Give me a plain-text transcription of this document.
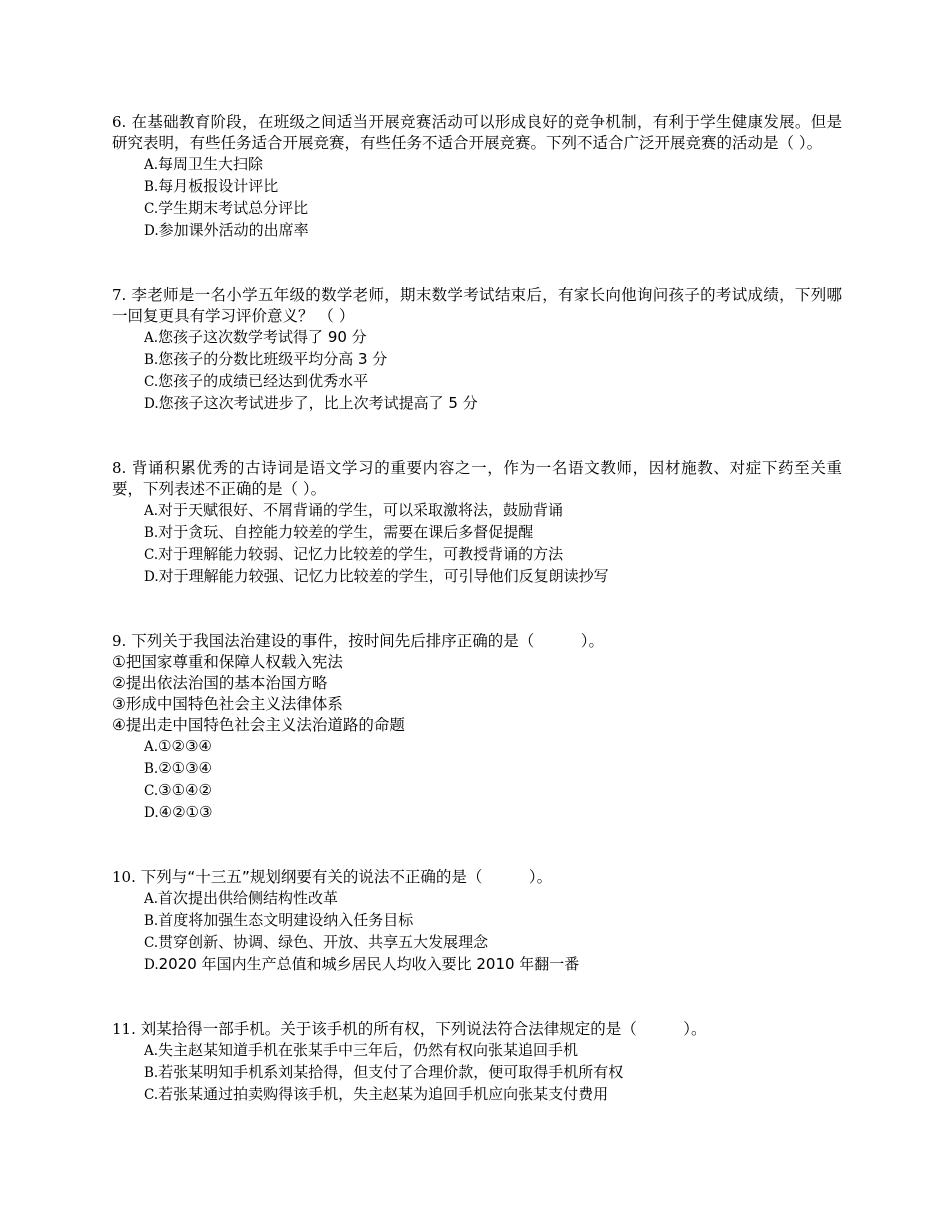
6. 在基础教育阶段，在班级之间适当开展竞赛活动可以形成良好的竞争机制，有利于学生健康发展。但是研究表明，有些任务适合开展竞赛，有些任务不适合开展竞赛。下列不适合广泛开展竞赛的活动是（ ）。

A.每周卫生大扫除
B.每月板报设计评比
C.学生期末考试总分评比
D.参加课外活动的出席率

7. 李老师是一名小学五年级的数学老师，期末数学考试结束后，有家长向他询问孩子的考试成绩，下列哪一回复更具有学习评价意义？ （ ）

A.您孩子这次数学考试得了 90 分
B.您孩子的分数比班级平均分高 3 分
C.您孩子的成绩已经达到优秀水平
D.您孩子这次考试进步了，比上次考试提高了 5 分

8. 背诵积累优秀的古诗词是语文学习的重要内容之一，作为一名语文教师，因材施教、对症下药至关重要，下列表述不正确的是（ ）。

A.对于天赋很好、不屑背诵的学生，可以采取激将法，鼓励背诵
B.对于贪玩、自控能力较差的学生，需要在课后多督促提醒
C.对于理解能力较弱、记忆力比较差的学生，可教授背诵的方法
D.对于理解能力较强、记忆力比较差的学生，可引导他们反复朗读抄写

9. 下列关于我国法治建设的事件，按时间先后排序正确的是（　　　）。

①把国家尊重和保障人权载入宪法

②提出依法治国的基本治国方略

③形成中国特色社会主义法律体系

④提出走中国特色社会主义法治道路的命题

A.①②③④
B.②①③④
C.③①④②
D.④②①③

10. 下列与“十三五”规划纲要有关的说法不正确的是（　　　）。

A.首次提出供给侧结构性改革
B.首度将加强生态文明建设纳入任务目标
C.贯穿创新、协调、绿色、开放、共享五大发展理念
D.2020 年国内生产总值和城乡居民人均收入要比 2010 年翻一番

11. 刘某拾得一部手机。关于该手机的所有权，下列说法符合法律规定的是（　　　）。

A.失主赵某知道手机在张某手中三年后，仍然有权向张某追回手机
B.若张某明知手机系刘某拾得，但支付了合理价款，便可取得手机所有权
C.若张某通过拍卖购得该手机，失主赵某为追回手机应向张某支付费用
